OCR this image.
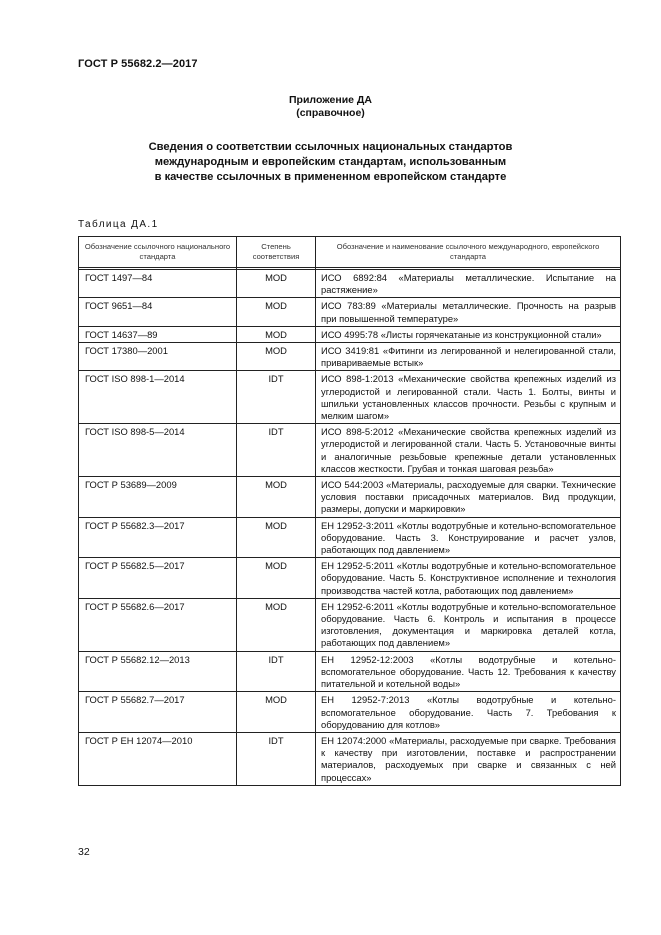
ГОСТ Р 55682.2—2017
Приложение ДА
(справочное)
Сведения о соответствии ссылочных национальных стандартов
международным и европейским стандартам, использованным
в качестве ссылочных в примененном европейском стандарте
Таблица ДА.1
Обозначение ссылочного национального стандарта	Степень соответствия	Обозначение и наименование ссылочного международного, европейского стандарта

ГОСТ 1497—84	MOD	ИСО 6892:84 «Материалы металлические. Испытание на растяжение»
ГОСТ 9651—84	MOD	ИСО 783:89 «Материалы металлические. Прочность на разрыв при повышенной температуре»
ГОСТ 14637—89	MOD	ИСО 4995:78 «Листы горячекатаные из конструкционной стали»
ГОСТ 17380—2001	MOD	ИСО 3419:81 «Фитинги из легированной и нелегированной стали, привариваемые встык»
ГОСТ ISO 898-1—2014	IDT	ИСО 898-1:2013 «Механические свойства крепежных изделий из углеродистой и легированной стали. Часть 1. Болты, винты и шпильки установленных классов прочности. Резьбы с крупным и мелким шагом»
ГОСТ ISO 898-5—2014	IDT	ИСО 898-5:2012 «Механические свойства крепежных изделий из углеродистой и легированной стали. Часть 5. Установочные винты и аналогичные резьбовые крепежные детали установленных классов жесткости. Грубая и тонкая шаговая резьба»
ГОСТ Р 53689—2009	MOD	ИСО 544:2003 «Материалы, расходуемые для сварки. Технические условия поставки присадочных материалов. Вид продукции, размеры, допуски и маркировки»
ГОСТ Р 55682.3—2017	MOD	ЕН 12952-3:2011 «Котлы водотрубные и котельно-вспомогательное оборудование. Часть 3. Конструирование и расчет узлов, работающих под давлением»
ГОСТ Р 55682.5—2017	MOD	ЕН 12952-5:2011 «Котлы водотрубные и котельно-вспомогательное оборудование. Часть 5. Конструктивное исполнение и технология производства частей котла, работающих под давлением»
ГОСТ Р 55682.6—2017	MOD	ЕН 12952-6:2011 «Котлы водотрубные и котельно-вспомогательное оборудование. Часть 6. Контроль и испытания в процессе изготовления, документация и маркировка деталей котла, работающих под давлением»
ГОСТ Р 55682.12—2013	IDT	ЕН 12952-12:2003 «Котлы водотрубные и котельно-вспомогательное оборудование. Часть 12. Требования к качеству питательной и котельной воды»
ГОСТ Р 55682.7—2017	MOD	ЕН 12952-7:2013 «Котлы водотрубные и котельно-вспомогательное оборудование. Часть 7. Требования к оборудованию для котлов»
ГОСТ Р ЕН 12074—2010	IDT	ЕН 12074:2000 «Материалы, расходуемые при сварке. Требования к качеству при изготовлении, поставке и распространении материалов, расходуемых при сварке и связанных с ней процессах»
32
